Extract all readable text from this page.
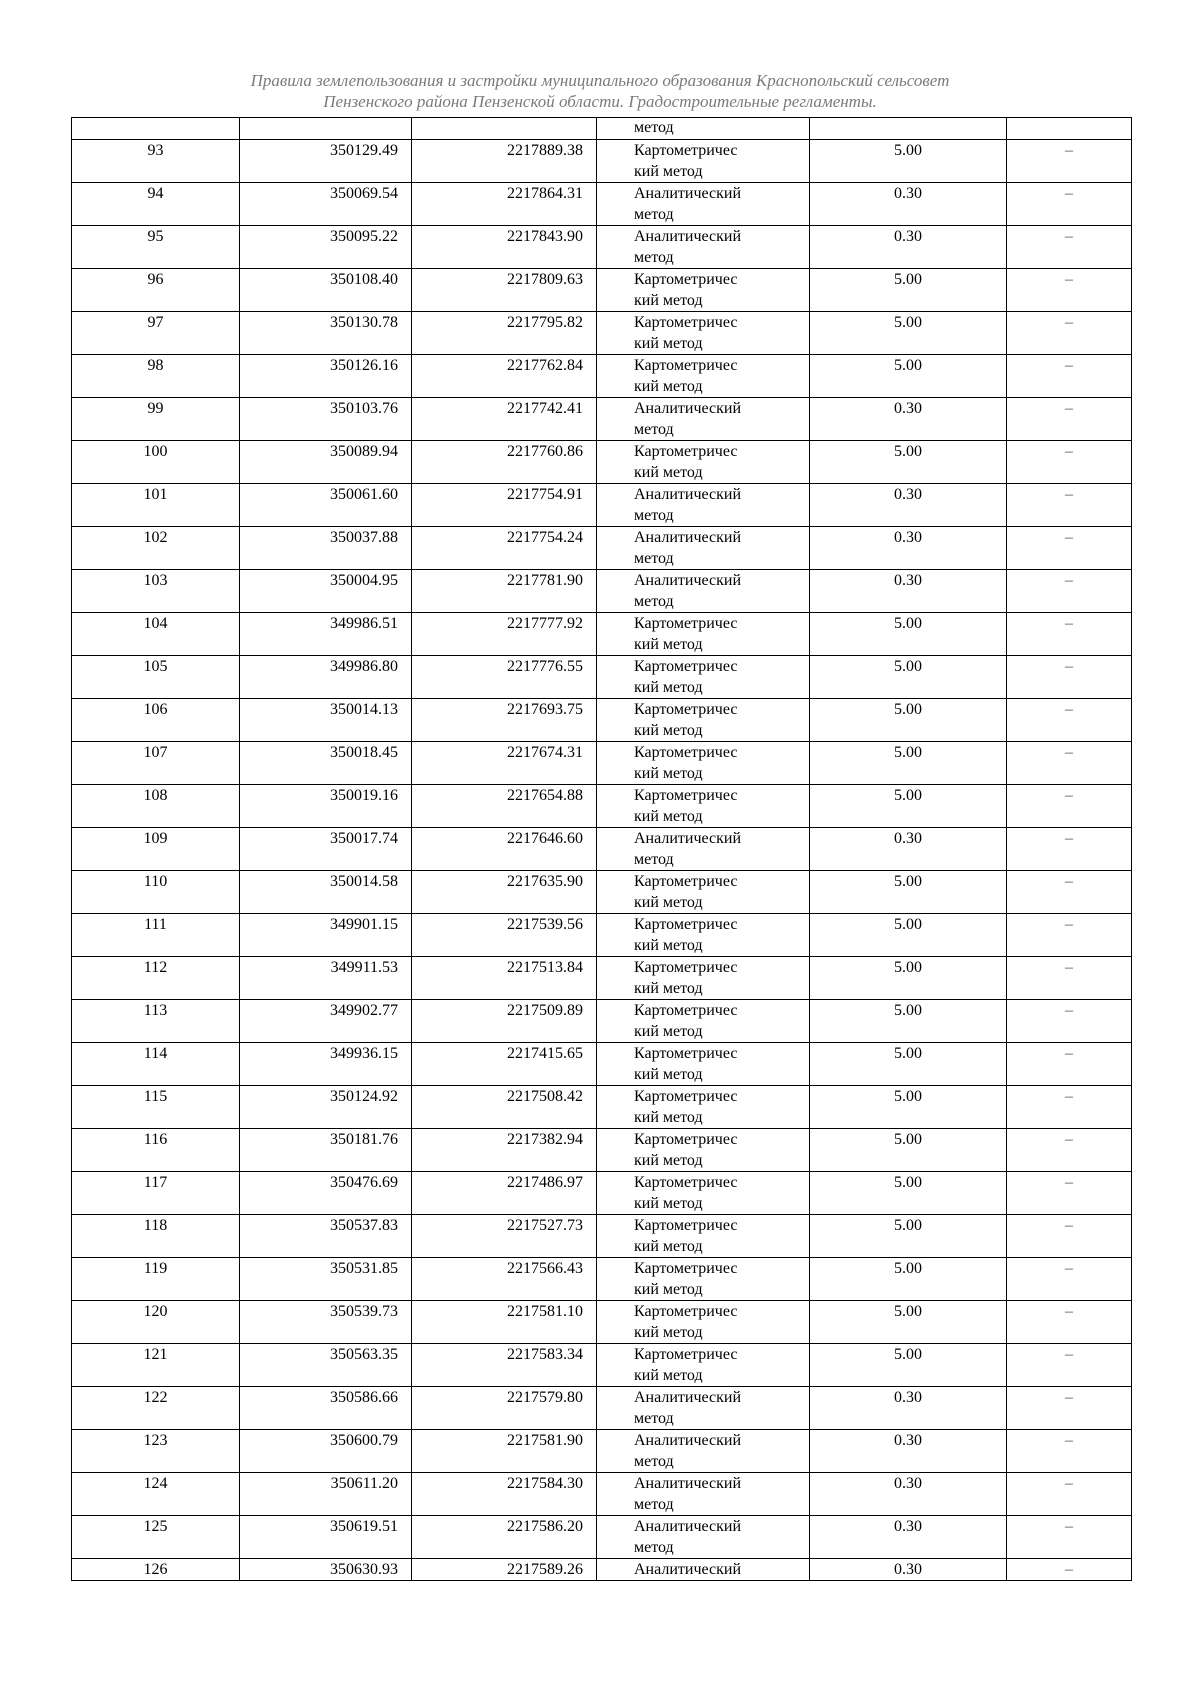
Правила землепользования и застройки муниципального образования Краснопольский сельсовет
Пензенского района Пензенской области. Градостроительные регламенты.
			метод		
93	350129.49	2217889.38	Картометричес
кий метод	5.00	–
94	350069.54	2217864.31	Аналитический
метод	0.30	–
95	350095.22	2217843.90	Аналитический
метод	0.30	–
96	350108.40	2217809.63	Картометричес
кий метод	5.00	–
97	350130.78	2217795.82	Картометричес
кий метод	5.00	–
98	350126.16	2217762.84	Картометричес
кий метод	5.00	–
99	350103.76	2217742.41	Аналитический
метод	0.30	–
100	350089.94	2217760.86	Картометричес
кий метод	5.00	–
101	350061.60	2217754.91	Аналитический
метод	0.30	–
102	350037.88	2217754.24	Аналитический
метод	0.30	–
103	350004.95	2217781.90	Аналитический
метод	0.30	–
104	349986.51	2217777.92	Картометричес
кий метод	5.00	–
105	349986.80	2217776.55	Картометричес
кий метод	5.00	–
106	350014.13	2217693.75	Картометричес
кий метод	5.00	–
107	350018.45	2217674.31	Картометричес
кий метод	5.00	–
108	350019.16	2217654.88	Картометричес
кий метод	5.00	–
109	350017.74	2217646.60	Аналитический
метод	0.30	–
110	350014.58	2217635.90	Картометричес
кий метод	5.00	–
111	349901.15	2217539.56	Картометричес
кий метод	5.00	–
112	349911.53	2217513.84	Картометричес
кий метод	5.00	–
113	349902.77	2217509.89	Картометричес
кий метод	5.00	–
114	349936.15	2217415.65	Картометричес
кий метод	5.00	–
115	350124.92	2217508.42	Картометричес
кий метод	5.00	–
116	350181.76	2217382.94	Картометричес
кий метод	5.00	–
117	350476.69	2217486.97	Картометричес
кий метод	5.00	–
118	350537.83	2217527.73	Картометричес
кий метод	5.00	–
119	350531.85	2217566.43	Картометричес
кий метод	5.00	–
120	350539.73	2217581.10	Картометричес
кий метод	5.00	–
121	350563.35	2217583.34	Картометричес
кий метод	5.00	–
122	350586.66	2217579.80	Аналитический
метод	0.30	–
123	350600.79	2217581.90	Аналитический
метод	0.30	–
124	350611.20	2217584.30	Аналитический
метод	0.30	–
125	350619.51	2217586.20	Аналитический
метод	0.30	–
126	350630.93	2217589.26	Аналитический	0.30	–
